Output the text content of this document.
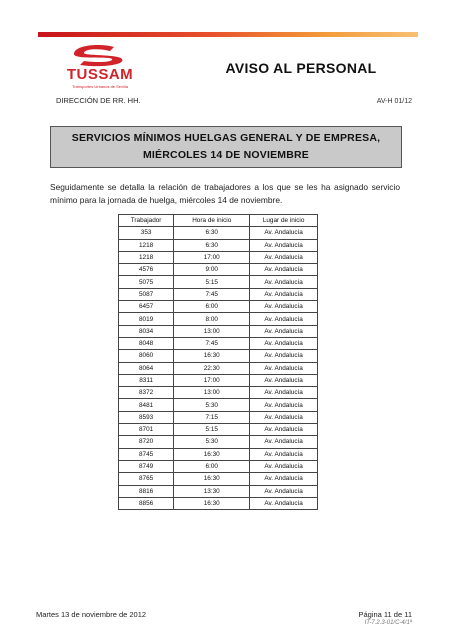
TUSSAM
Transportes Urbanos de Sevilla
DIRECCIÓN DE RR. HH.
AVISO AL PERSONAL
AV-H 01/12
SERVICIOS MÍNIMOS HUELGAS GENERAL Y DE EMPRESA,
MIÉRCOLES 14 DE NOVIEMBRE
Seguidamente se detalla la relación de trabajadores a los que se les ha asignado servicio mínimo para la jornada de huelga, miércoles 14 de noviembre.
Trabajador	Hora de inicio	Lugar de inicio
353	6:30	Av. Andalucía
1218	6:30	Av. Andalucía
1218	17:00	Av. Andalucía
4576	9:00	Av. Andalucía
5075	5:15	Av. Andalucía
5087	7:45	Av. Andalucía
6457	6:00	Av. Andalucía
8019	8:00	Av. Andalucía
8034	13:00	Av. Andalucía
8048	7:45	Av. Andalucía
8060	16:30	Av. Andalucía
8064	22:30	Av. Andalucía
8311	17:00	Av. Andalucía
8372	13:00	Av. Andalucía
8481	5:30	Av. Andalucía
8593	7:15	Av. Andalucía
8701	5:15	Av. Andalucía
8720	5:30	Av. Andalucía
8745	16:30	Av. Andalucía
8749	6:00	Av. Andalucía
8765	16:30	Av. Andalucía
8816	13:30	Av. Andalucía
8856	16:30	Av. Andalucía
Martes 13 de noviembre de 2012	Página 11 de 11
IT-7.2.3-01/C-4/1ª
